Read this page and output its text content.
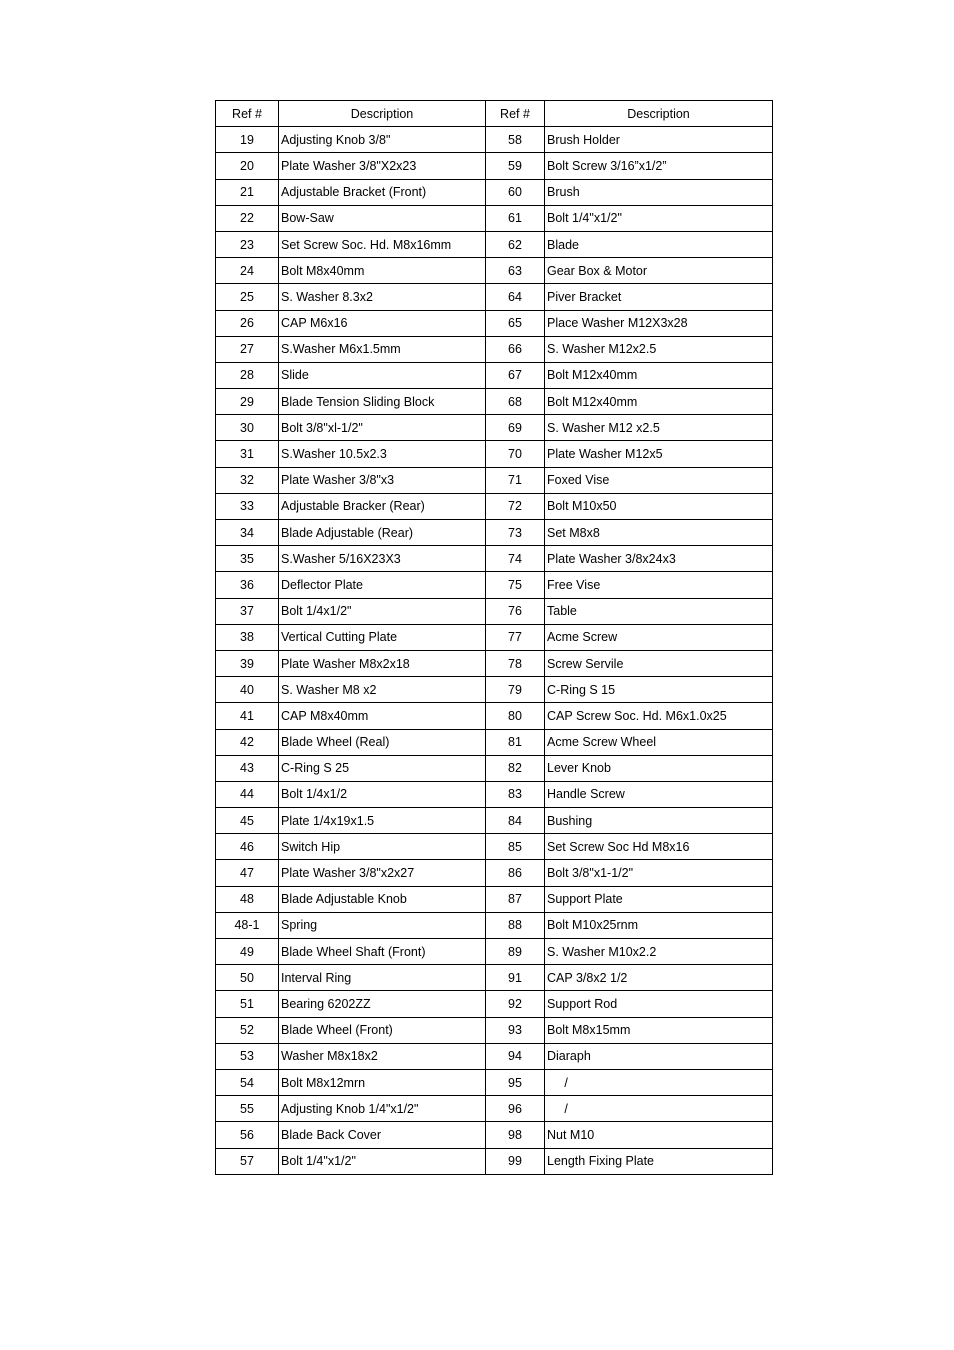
Ref #	Description	Ref #	Description
19	Adjusting Knob 3/8"	58	Brush Holder
20	Plate Washer 3/8"X2x23	59	Bolt Screw 3/16”x1/2”
21	Adjustable Bracket (Front)	60	Brush
22	Bow-Saw	61	Bolt 1/4"x1/2"
23	Set Screw Soc. Hd. M8x16mm	62	Blade
24	Bolt M8x40mm	63	Gear Box & Motor
25	S. Washer 8.3x2	64	Piver Bracket
26	CAP M6x16	65	Place Washer M12X3x28
27	S.Washer M6x1.5mm	66	S. Washer M12x2.5
28	Slide	67	Bolt M12x40mm
29	Blade Tension Sliding Block	68	Bolt M12x40mm
30	Bolt 3/8"xl-1/2"	69	S. Washer M12 x2.5
31	S.Washer 10.5x2.3	70	Plate Washer M12x5
32	Plate Washer 3/8"x3	71	Foxed Vise
33	Adjustable Bracker (Rear)	72	Bolt M10x50
34	Blade Adjustable (Rear)	73	Set M8x8
35	S.Washer 5/16X23X3	74	Plate Washer 3/8x24x3
36	Deflector Plate	75	Free Vise
37	Bolt 1/4x1/2"	76	Table
38	Vertical Cutting Plate	77	Acme Screw
39	Plate Washer M8x2x18	78	Screw Servile
40	S. Washer M8 x2	79	C-Ring S 15
41	CAP M8x40mm	80	CAP Screw Soc. Hd. M6x1.0x25
42	Blade Wheel (Real)	81	Acme Screw Wheel
43	C-Ring S 25	82	Lever Knob
44	Bolt 1/4x1/2	83	Handle Screw
45	Plate 1/4x19x1.5	84	Bushing
46	Switch Hip	85	Set Screw Soc Hd M8x16
47	Plate Washer 3/8"x2x27	86	Bolt 3/8"x1-1/2"
48	Blade Adjustable Knob	87	Support Plate
48-1	Spring	88	Bolt M10x25rnm
49	Blade Wheel Shaft (Front)	89	S. Washer M10x2.2
50	Interval Ring	91	CAP 3/8x2 1/2
51	Bearing 6202ZZ	92	Support Rod
52	Blade Wheel (Front)	93	Bolt M8x15mm
53	Washer M8x18x2	94	Diaraph
54	Bolt M8x12mrn	95	/
55	Adjusting Knob 1/4"x1/2"	96	/
56	Blade Back Cover	98	Nut M10
57	Bolt 1/4"x1/2"	99	Length Fixing Plate
